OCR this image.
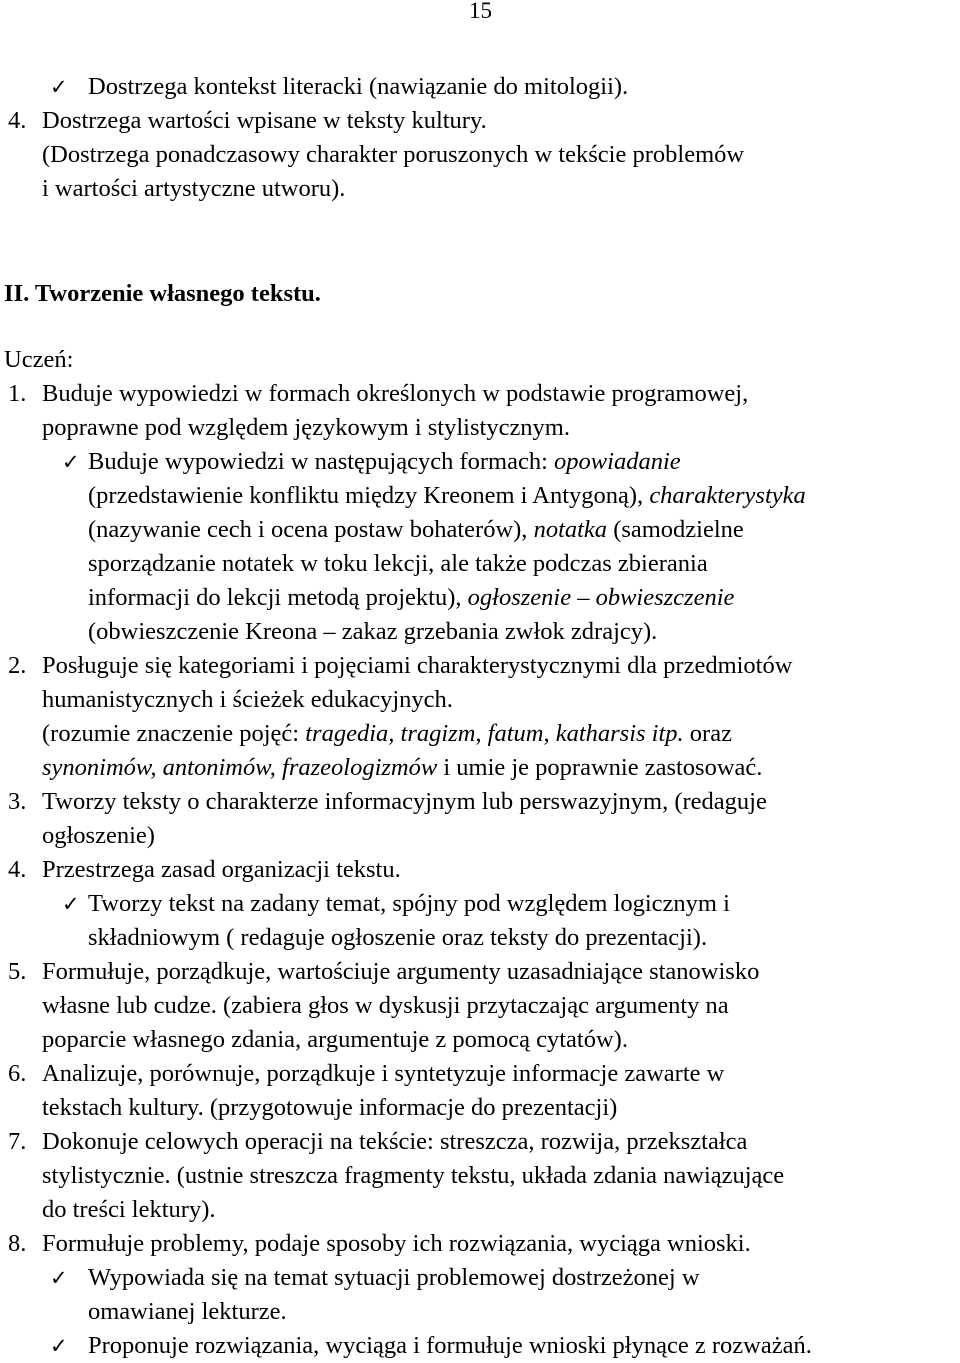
15
✓ Dostrzega kontekst literacki (nawiązanie do mitologii).
4. Dostrzega wartości wpisane w teksty kultury.
(Dostrzega ponadczasowy charakter poruszonych w tekście problemów
i wartości artystyczne utworu).
II. Tworzenie własnego tekstu.
Uczeń:
1. Buduje wypowiedzi w formach określonych w podstawie programowej,
poprawne pod względem językowym i stylistycznym.
✓ Buduje wypowiedzi w następujących formach: opowiadanie
(przedstawienie konfliktu między Kreonem i Antygoną), charakterystyka
(nazywanie cech i ocena postaw bohaterów), notatka (samodzielne
sporządzanie notatek w toku lekcji, ale także podczas zbierania
informacji do lekcji metodą projektu), ogłoszenie – obwieszczenie
(obwieszczenie Kreona – zakaz grzebania zwłok zdrajcy).
2. Posługuje się kategoriami i pojęciami charakterystycznymi dla przedmiotów
humanistycznych i ścieżek edukacyjnych.
(rozumie znaczenie pojęć: tragedia, tragizm, fatum, katharsis itp. oraz
synonimów, antonimów, frazeologizmów i umie je poprawnie zastosować.
3. Tworzy teksty o charakterze informacyjnym lub perswazyjnym, (redaguje
ogłoszenie)
4. Przestrzega zasad organizacji tekstu.
✓ Tworzy tekst na zadany temat, spójny pod względem logicznym i
składniowym ( redaguje ogłoszenie oraz teksty do prezentacji).
5. Formułuje, porządkuje, wartościuje argumenty uzasadniające stanowisko
własne lub cudze. (zabiera głos w dyskusji przytaczając argumenty na
poparcie własnego zdania, argumentuje z pomocą cytatów).
6. Analizuje, porównuje, porządkuje i syntetyzuje informacje zawarte w
tekstach kultury. (przygotowuje informacje do prezentacji)
7. Dokonuje celowych operacji na tekście: streszcza, rozwija, przekształca
stylistycznie. (ustnie streszcza fragmenty tekstu, układa zdania nawiązujące
do treści lektury).
8. Formułuje problemy, podaje sposoby ich rozwiązania, wyciąga wnioski.
✓ Wypowiada się na temat sytuacji problemowej dostrzeżonej w
omawianej lekturze.
✓ Proponuje rozwiązania, wyciąga i formułuje wnioski płynące z rozważań.
